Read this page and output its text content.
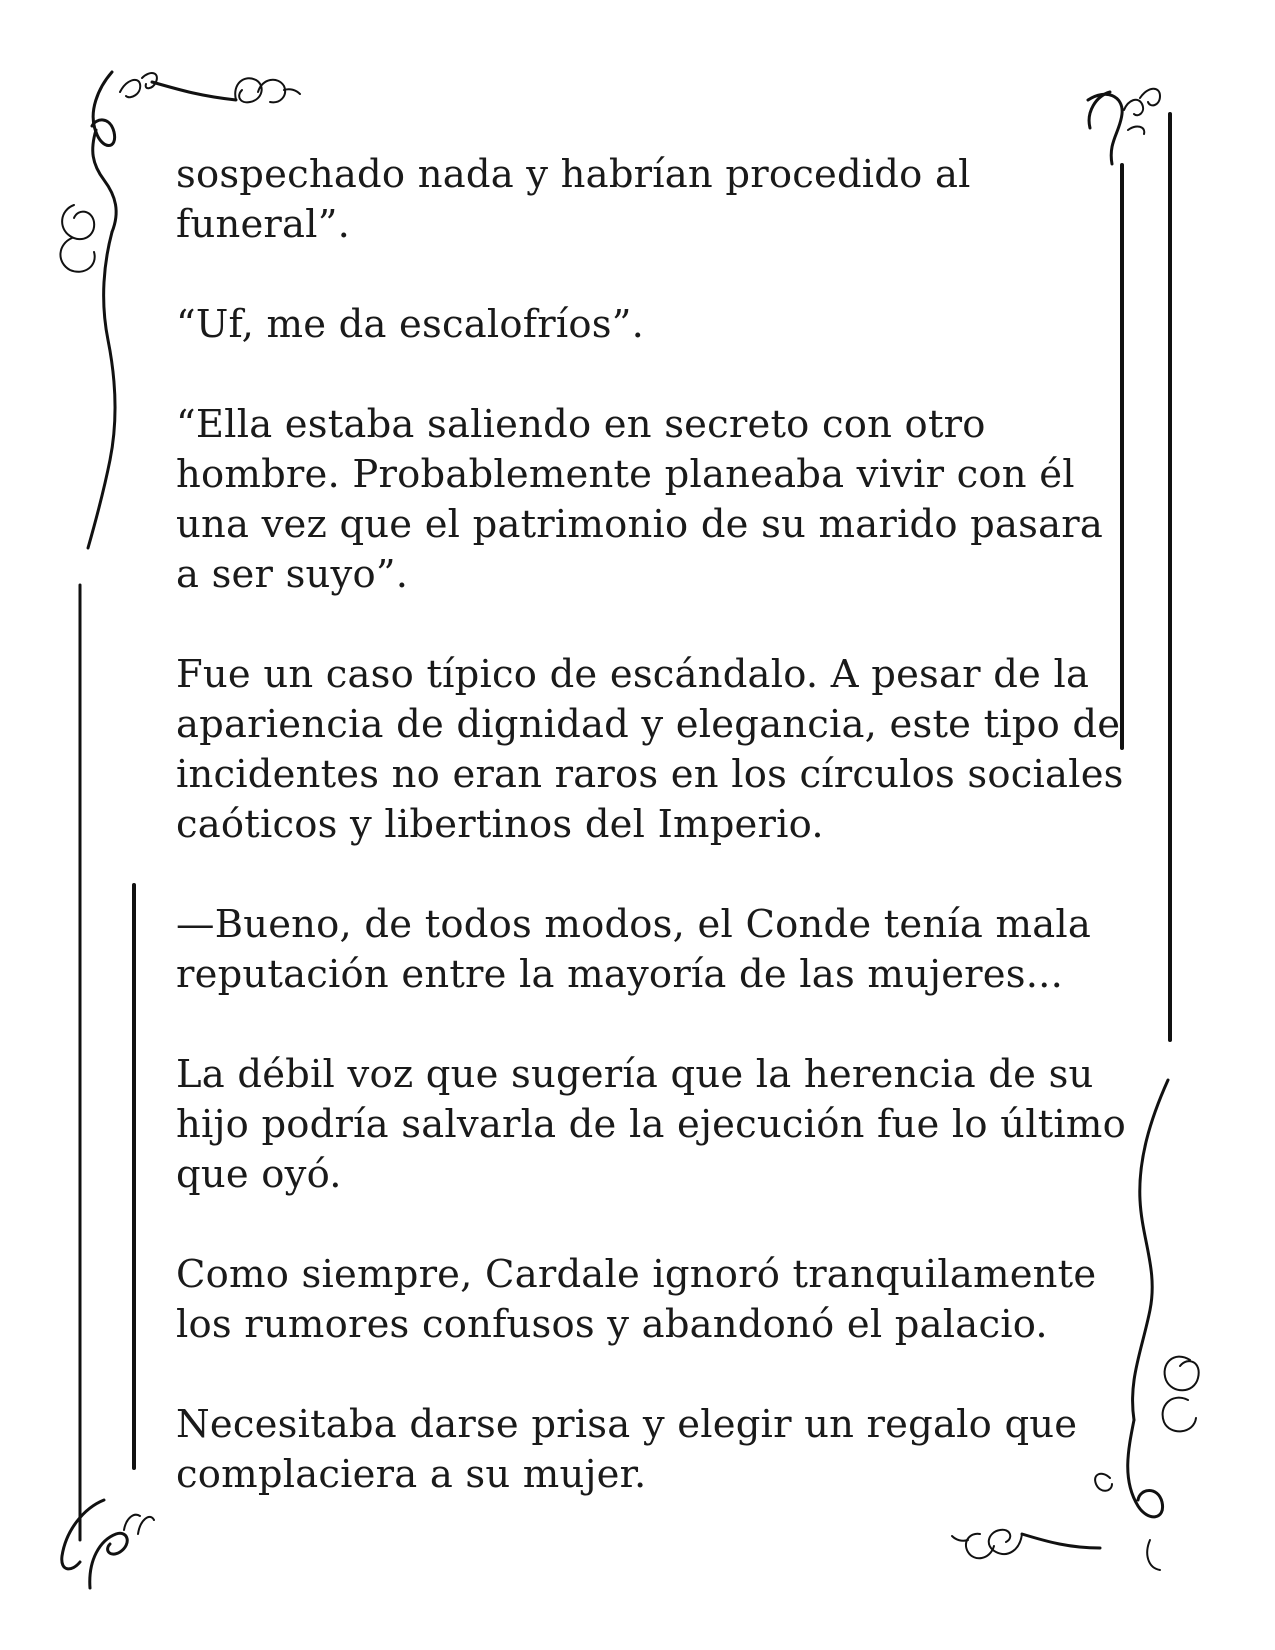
sospechado nada y habrían procedido al
funeral”.

“Uf, me da escalofríos”.

“Ella estaba saliendo en secreto con otro
hombre. Probablemente planeaba vivir con él
una vez que el patrimonio de su marido pasara
a ser suyo”.

Fue un caso típico de escándalo. A pesar de la
apariencia de dignidad y elegancia, este tipo de
incidentes no eran raros en los círculos sociales
caóticos y libertinos del Imperio.

—Bueno, de todos modos, el Conde tenía mala
reputación entre la mayoría de las mujeres...

La débil voz que sugería que la herencia de su
hijo podría salvarla de la ejecución fue lo último
que oyó.

Como siempre, Cardale ignoró tranquilamente
los rumores confusos y abandonó el palacio.

Necesitaba darse prisa y elegir un regalo que
complaciera a su mujer.
